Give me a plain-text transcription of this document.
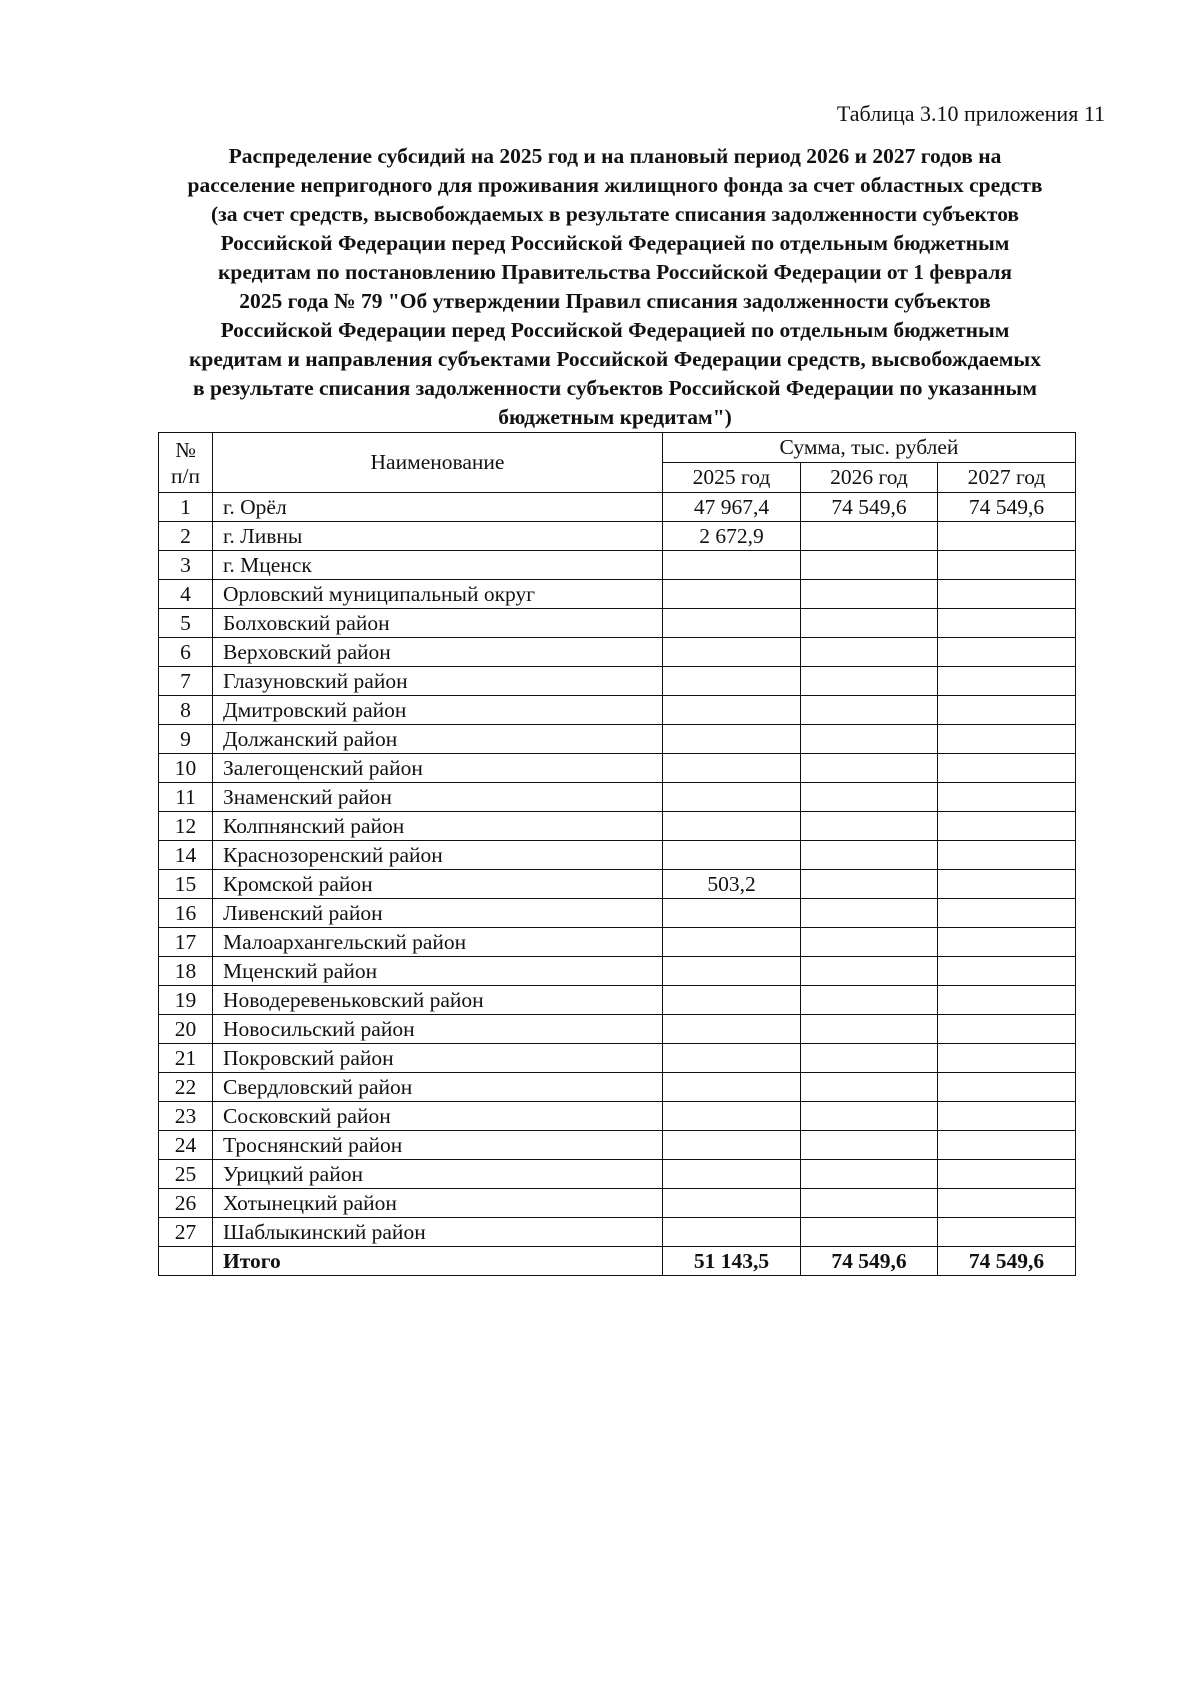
Таблица 3.10 приложения 11
Распределение субсидий на 2025 год и на плановый период 2026 и 2027 годов на
расселение непригодного для проживания жилищного фонда за счет областных средств
(за счет средств, высвобождаемых в результате списания задолженности субъектов
Российской Федерации перед Российской Федерацией по отдельным бюджетным
кредитам по постановлению Правительства Российской Федерации от 1 февраля
2025 года № 79 "Об утверждении Правил списания задолженности субъектов
Российской Федерации перед Российской Федерацией по отдельным бюджетным
кредитам и направления субъектами Российской Федерации средств, высвобождаемых
в результате списания задолженности субъектов Российской Федерации по указанным
бюджетным кредитам")
№
п/п	Наименование	Сумма, тыс. рублей		
		2025 год	2026 год	2027 год
1	г. Орёл	47 967,4	74 549,6	74 549,6
2	г. Ливны	2 672,9		
3	г. Мценск			
4	Орловский муниципальный округ			
5	Болховский район			
6	Верховский район			
7	Глазуновский район			
8	Дмитровский район			
9	Должанский район			
10	Залегощенский район			
11	Знаменский район			
12	Колпнянский район			
14	Краснозоренский район			
15	Кромской район	503,2		
16	Ливенский район			
17	Малоархангельский район			
18	Мценский район			
19	Новодеревеньковский район			
20	Новосильский район			
21	Покровский район			
22	Свердловский район			
23	Сосковский район			
24	Троснянский район			
25	Урицкий район			
26	Хотынецкий район			
27	Шаблыкинский район			
	Итого	51 143,5	74 549,6	74 549,6
